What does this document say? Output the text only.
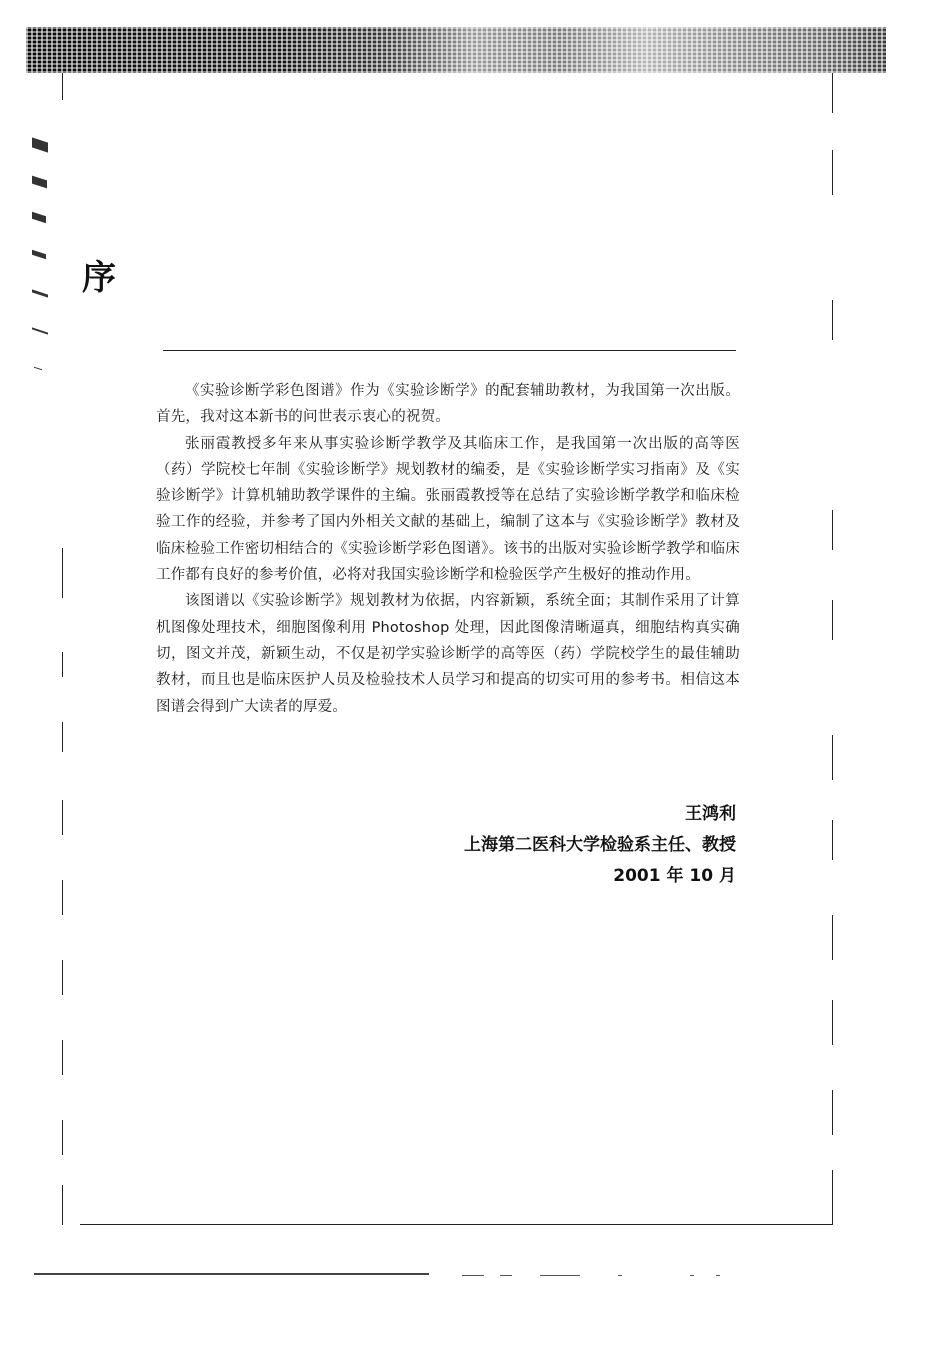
序

《实验诊断学彩色图谱》作为《实验诊断学》的配套辅助教材，为我国第一次出版。首先，我对这本新书的问世表示衷心的祝贺。

张丽霞教授多年来从事实验诊断学教学及其临床工作，是我国第一次出版的高等医（药）学院校七年制《实验诊断学》规划教材的编委，是《实验诊断学实习指南》及《实验诊断学》计算机辅助教学课件的主编。张丽霞教授等在总结了实验诊断学教学和临床检验工作的经验，并参考了国内外相关文献的基础上，编制了这本与《实验诊断学》教材及临床检验工作密切相结合的《实验诊断学彩色图谱》。该书的出版对实验诊断学教学和临床工作都有良好的参考价值，必将对我国实验诊断学和检验医学产生极好的推动作用。

该图谱以《实验诊断学》规划教材为依据，内容新颖，系统全面；其制作采用了计算机图像处理技术，细胞图像利用 Photoshop 处理，因此图像清晰逼真，细胞结构真实确切，图文并茂，新颖生动，不仅是初学实验诊断学的高等医（药）学院校学生的最佳辅助教材，而且也是临床医护人员及检验技术人员学习和提高的切实可用的参考书。相信这本图谱会得到广大读者的厚爱。

王鸿利
上海第二医科大学检验系主任、教授
2001 年 10 月
